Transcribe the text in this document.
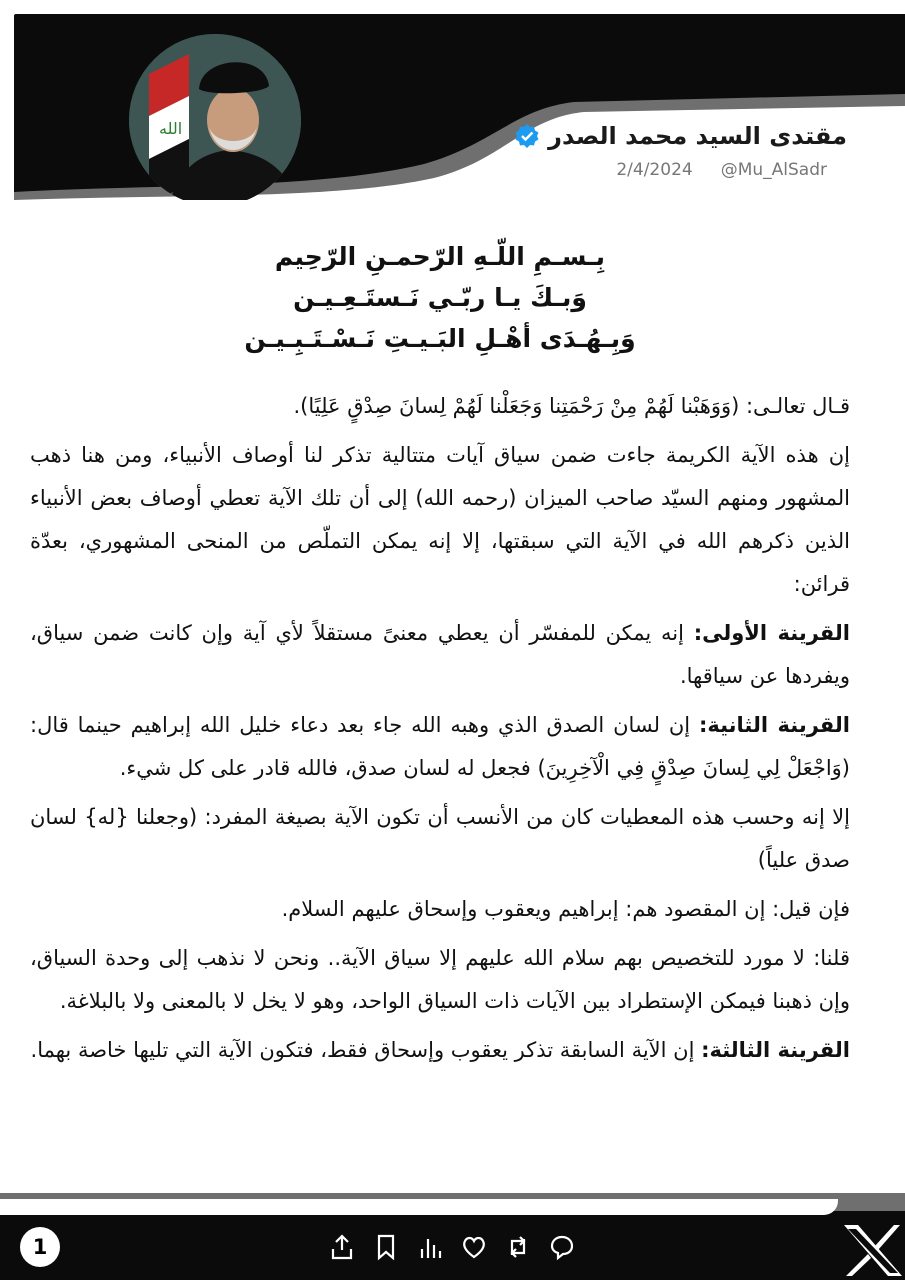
الله	مقتدى السيد محمد الصدر
2/4/2024 @Mu_AlSadr
بِـسـمِ اللّـهِ الرّحمـنِ الرّحِيم
وَبـكَ يـا ربّـي نَـستَـعِـيـن
وَبِـهُـدَى أهْـلِ البَـيـتِ نَـسْـتَـبِـيـن

قـال تعالـى: (وَوَهَبْنا لَهُمْ مِنْ رَحْمَتِنا وَجَعَلْنا لَهُمْ لِسانَ صِدْقٍ عَلِيًا).

إن هذه الآية الكريمة جاءت ضمن سياق آيات متتالية تذكر لنا أوصاف الأنبياء، ومن هنا ذهب المشهور ومنهم السيّد صاحب الميزان (رحمه الله) إلى أن تلك الآية تعطي أوصاف بعض الأنبياء الذين ذكرهم الله في الآية التي سبقتها، إلا إنه يمكن التملّص من المنحى المشهوري، بعدّة قرائن:

القرينة الأولى: إنه يمكن للمفسّر أن يعطي معنىً مستقلاً لأي آية وإن كانت ضمن سياق، ويفردها عن سياقها.

القرينة الثانية: إن لسان الصدق الذي وهبه الله جاء بعد دعاء خليل الله إبراهيم حينما قال: (وَاجْعَلْ لِي لِسانَ صِدْقٍ فِي الْآخِرِينَ) فجعل له لسان صدق، فالله قادر على كل شيء.

إلا إنه وحسب هذه المعطيات كان من الأنسب أن تكون الآية بصيغة المفرد: (وجعلنا {له} لسان صدق علياً)

فإن قيل: إن المقصود هم: إبراهيم ويعقوب وإسحاق عليهم السلام.

قلنا: لا مورد للتخصيص بهم سلام الله عليهم إلا سياق الآية.. ونحن لا نذهب إلى وحدة السياق، وإن ذهبنا فيمكن الإستطراد بين الآيات ذات السياق الواحد، وهو لا يخل لا بالمعنى ولا بالبلاغة.

القرينة الثالثة: إن الآية السابقة تذكر يعقوب وإسحاق فقط، فتكون الآية التي تليها خاصة بهما.

1
